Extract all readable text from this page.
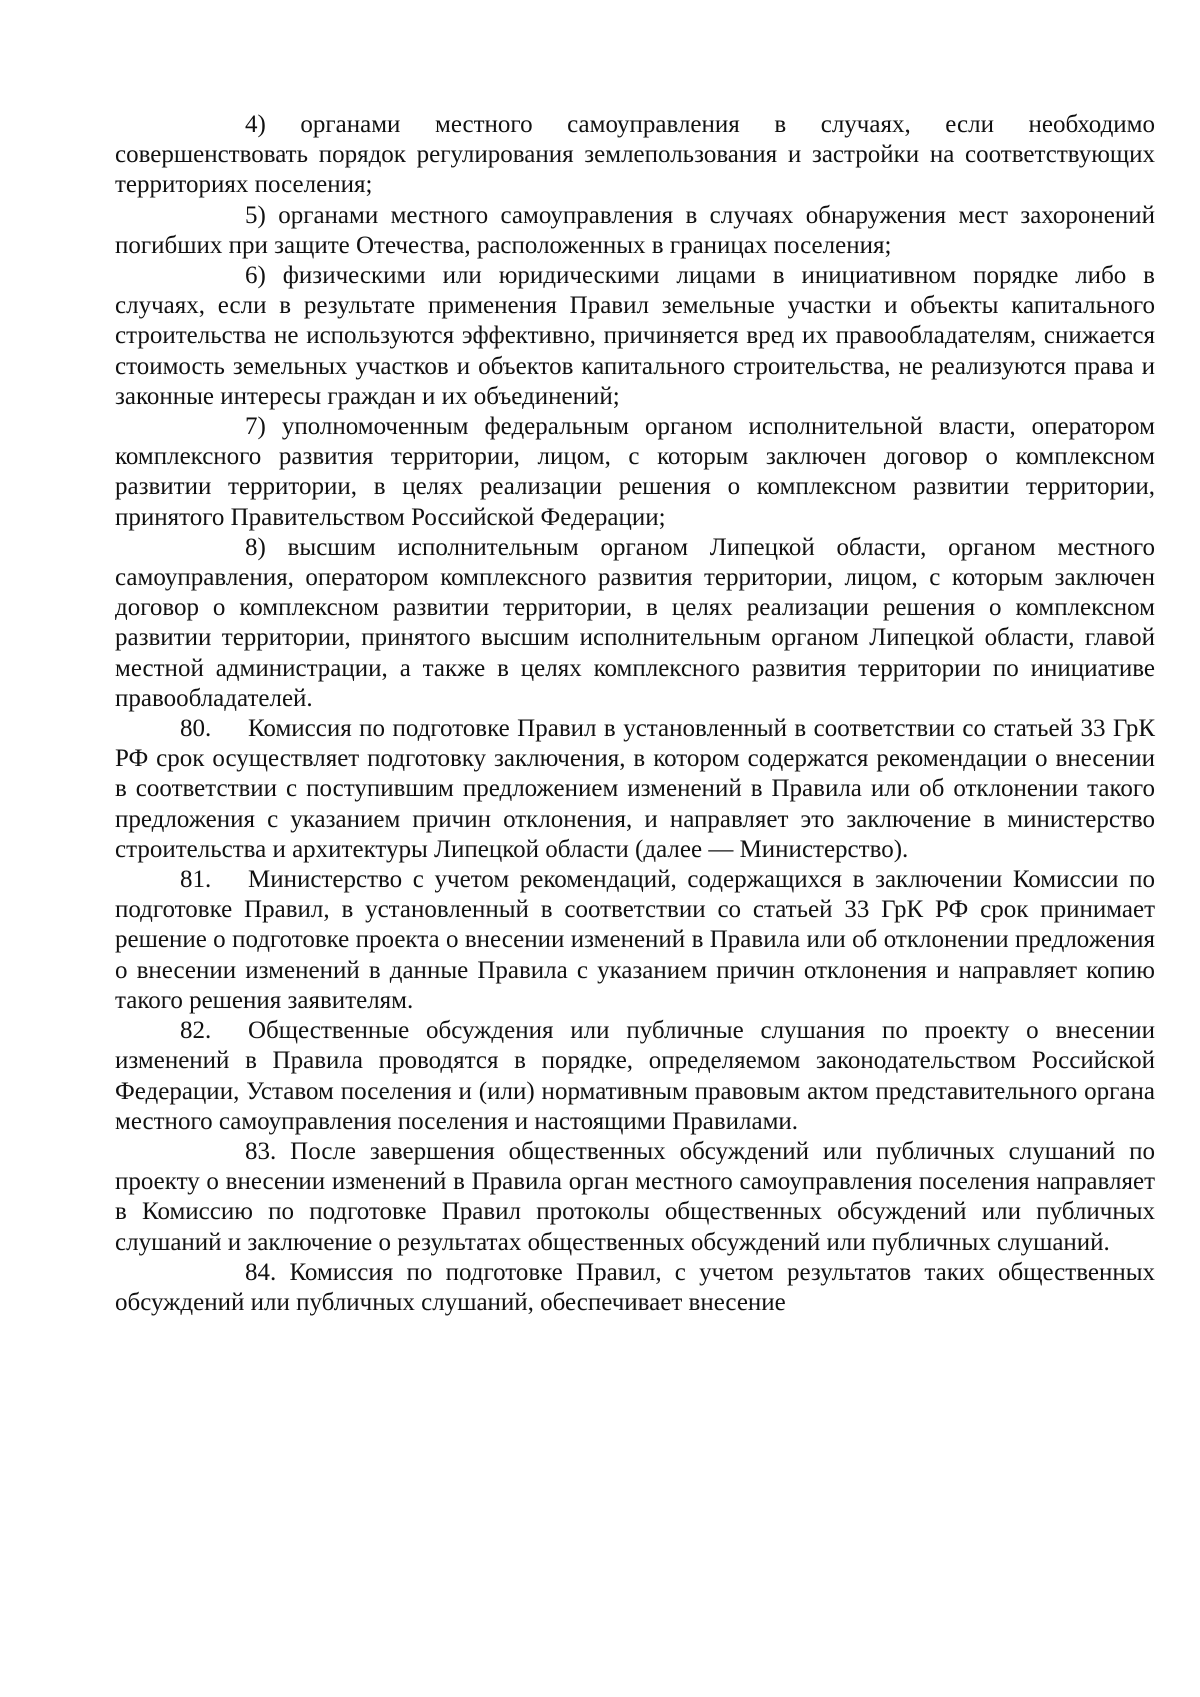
4) органами местного самоуправления в случаях, если необходимо совершенствовать порядок регулирования землепользования и застройки на соответствующих территориях поселения;

5) органами местного самоуправления в случаях обнаружения мест захоронений погибших при защите Отечества, расположенных в границах поселения;

6) физическими или юридическими лицами в инициативном порядке либо в случаях, если в результате применения Правил земельные участки и объекты капитального строительства не используются эффективно, причиняется вред их правообладателям, снижается стоимость земельных участков и объектов капитального строительства, не реализуются права и законные интересы граждан и их объединений;

7) уполномоченным федеральным органом исполнительной власти, оператором комплексного развития территории, лицом, с которым заключен договор о комплексном развитии территории, в целях реализации решения о комплексном развитии территории, принятого Правительством Российской Федерации;

8) высшим исполнительным органом Липецкой области, органом местного самоуправления, оператором комплексного развития территории, лицом, с которым заключен договор о комплексном развитии территории, в целях реализации решения о комплексном развитии территории, принятого высшим исполнительным органом Липецкой области, главой местной администрации, а также в целях комплексного развития территории по инициативе правообладателей.

80. Комиссия по подготовке Правил в установленный в соответствии со статьей 33 ГрК РФ срок осуществляет подготовку заключения, в котором содержатся рекомендации о внесении в соответствии с поступившим предложением изменений в Правила или об отклонении такого предложения с указанием причин отклонения, и направляет это заключение в министерство строительства и архитектуры Липецкой области (далее — Министерство).

81. Министерство с учетом рекомендаций, содержащихся в заключении Комиссии по подготовке Правил, в установленный в соответствии со статьей 33 ГрК РФ срок принимает решение о подготовке проекта о внесении изменений в Правила или об отклонении предложения о внесении изменений в данные Правила с указанием причин отклонения и направляет копию такого решения заявителям.

82. Общественные обсуждения или публичные слушания по проекту о внесении изменений в Правила проводятся в порядке, определяемом законодательством Российской Федерации, Уставом поселения и (или) нормативным правовым актом представительного органа местного самоуправления поселения и настоящими Правилами.

83. После завершения общественных обсуждений или публичных слушаний по проекту о внесении изменений в Правила орган местного самоуправления поселения направляет в Комиссию по подготовке Правил протоколы общественных обсуждений или публичных слушаний и заключение о результатах общественных обсуждений или публичных слушаний.

84. Комиссия по подготовке Правил, с учетом результатов таких общественных обсуждений или публичных слушаний, обеспечивает внесение
